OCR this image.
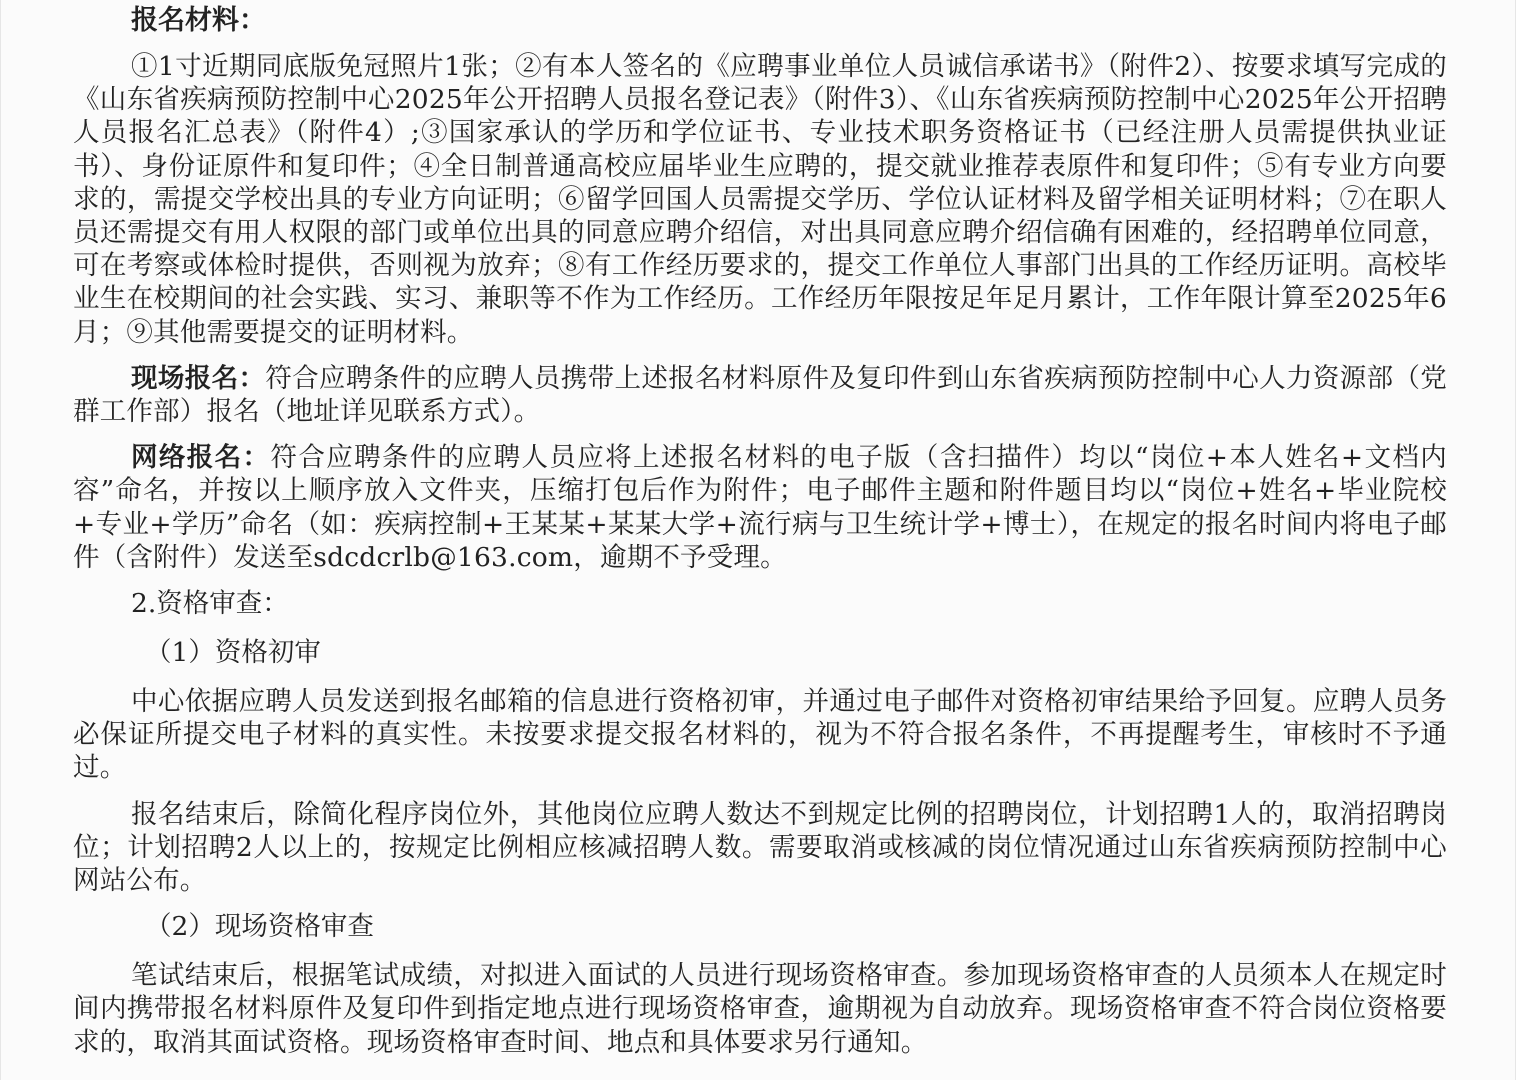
报名材料：

①1寸近期同底版免冠照片1张；②有本人签名的《应聘事业单位人员诚信承诺书》（附件2）、按要求填写完成的《山东省疾病预防控制中心2025年公开招聘人员报名登记表》（附件3）、《山东省疾病预防控制中心2025年公开招聘人员报名汇总表》（附件4）;③国家承认的学历和学位证书、专业技术职务资格证书（已经注册人员需提供执业证书）、身份证原件和复印件；④全日制普通高校应届毕业生应聘的，提交就业推荐表原件和复印件；⑤有专业方向要求的，需提交学校出具的专业方向证明；⑥留学回国人员需提交学历、学位认证材料及留学相关证明材料；⑦在职人员还需提交有用人权限的部门或单位出具的同意应聘介绍信，对出具同意应聘介绍信确有困难的，经招聘单位同意，可在考察或体检时提供，否则视为放弃；⑧有工作经历要求的，提交工作单位人事部门出具的工作经历证明。高校毕业生在校期间的社会实践、实习、兼职等不作为工作经历。工作经历年限按足年足月累计，工作年限计算至2025年6月；⑨其他需要提交的证明材料。

现场报名：符合应聘条件的应聘人员携带上述报名材料原件及复印件到山东省疾病预防控制中心人力资源部（党群工作部）报名（地址详见联系方式）。

网络报名：符合应聘条件的应聘人员应将上述报名材料的电子版（含扫描件）均以“岗位+本人姓名+文档内容”命名，并按以上顺序放入文件夹，压缩打包后作为附件；电子邮件主题和附件题目均以“岗位+姓名+毕业院校+专业+学历”命名（如：疾病控制+王某某+某某大学+流行病与卫生统计学+博士），在规定的报名时间内将电子邮件（含附件）发送至sdcdcrlb@163.com，逾期不予受理。

2.资格审查：
（1）资格初审

中心依据应聘人员发送到报名邮箱的信息进行资格初审，并通过电子邮件对资格初审结果给予回复。应聘人员务必保证所提交电子材料的真实性。未按要求提交报名材料的，视为不符合报名条件，不再提醒考生，审核时不予通过。

报名结束后，除简化程序岗位外，其他岗位应聘人数达不到规定比例的招聘岗位，计划招聘1人的，取消招聘岗位；计划招聘2人以上的，按规定比例相应核减招聘人数。需要取消或核减的岗位情况通过山东省疾病预防控制中心网站公布。

（2）现场资格审查

笔试结束后，根据笔试成绩，对拟进入面试的人员进行现场资格审查。参加现场资格审查的人员须本人在规定时间内携带报名材料原件及复印件到指定地点进行现场资格审查，逾期视为自动放弃。现场资格审查不符合岗位资格要求的，取消其面试资格。现场资格审查时间、地点和具体要求另行通知。
